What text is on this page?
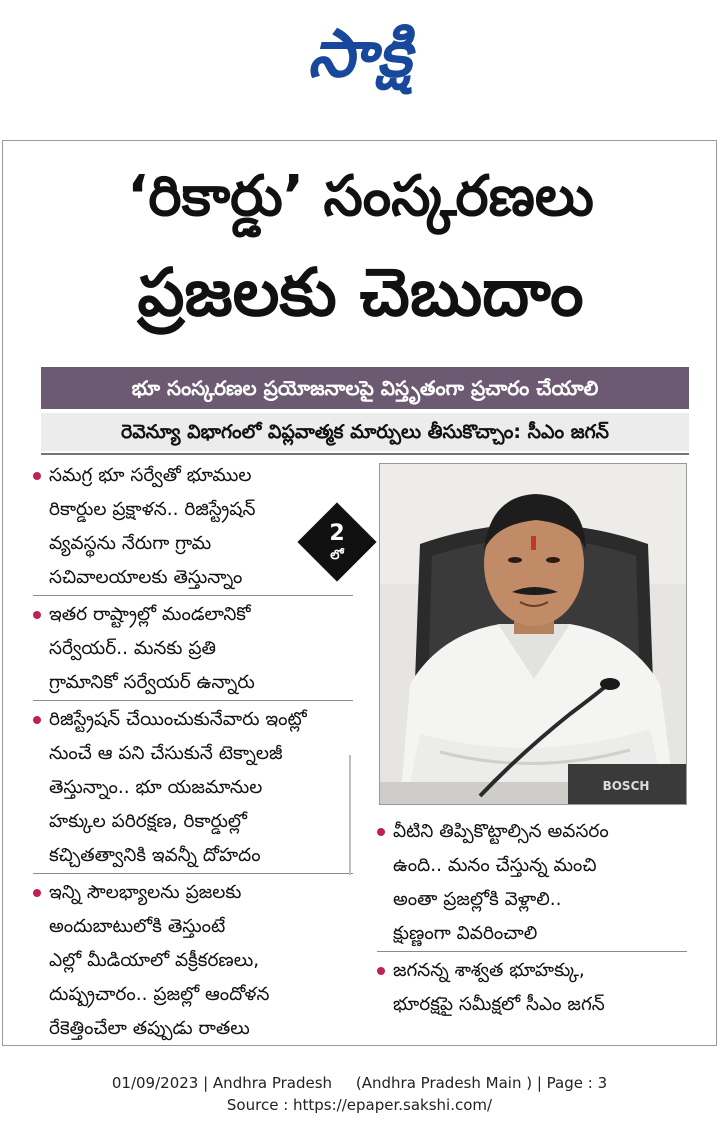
సాక్షి
‘రికార్డు’ సంస్కరణలు
ప్రజలకు చెబుదాం
భూ సంస్కరణల ప్రయోజనాలపై విస్తృతంగా ప్రచారం చేయాలి
రెవెన్యూ విభాగంలో విప్లవాత్మక మార్పులు తీసుకొచ్చాం: సీఎం జగన్
సమగ్ర భూ సర్వేతో భూముల
రికార్డుల ప్రక్షాళన.. రిజిస్ట్రేషన్
వ్యవస్థను నేరుగా గ్రామ
సచివాలయాలకు తెస్తున్నాం
ఇతర రాష్ట్రాల్లో మండలానికో
సర్వేయర్.. మనకు ప్రతి
గ్రామానికో సర్వేయర్ ఉన్నారు
రిజిస్ట్రేషన్ చేయించుకునేవారు ఇంట్లో
నుంచే ఆ పని చేసుకునే టెక్నాలజీ
తెస్తున్నాం.. భూ యజమానుల
హక్కుల పరిరక్షణ, రికార్డుల్లో
కచ్చితత్వానికి ఇవన్నీ దోహదం
ఇన్ని సౌలభ్యాలను ప్రజలకు
అందుబాటులోకి తెస్తుంటే
ఎల్లో మీడియాలో వక్రీకరణలు,
దుష్ప్రచారం.. ప్రజల్లో ఆందోళన
రేకెత్తించేలా తప్పుడు రాతలు
2
లో
BOSCH
వీటిని తిప్పికొట్టాల్సిన అవసరం
ఉంది.. మనం చేస్తున్న మంచి
అంతా ప్రజల్లోకి వెళ్లాలి..
క్షుణ్ణంగా వివరించాలి
జగనన్న శాశ్వత భూహక్కు,
భూరక్షపై సమీక్షలో సీఎం జగన్
01/09/2023 | Andhra Pradesh     (Andhra Pradesh Main ) | Page : 3
Source : https://epaper.sakshi.com/
